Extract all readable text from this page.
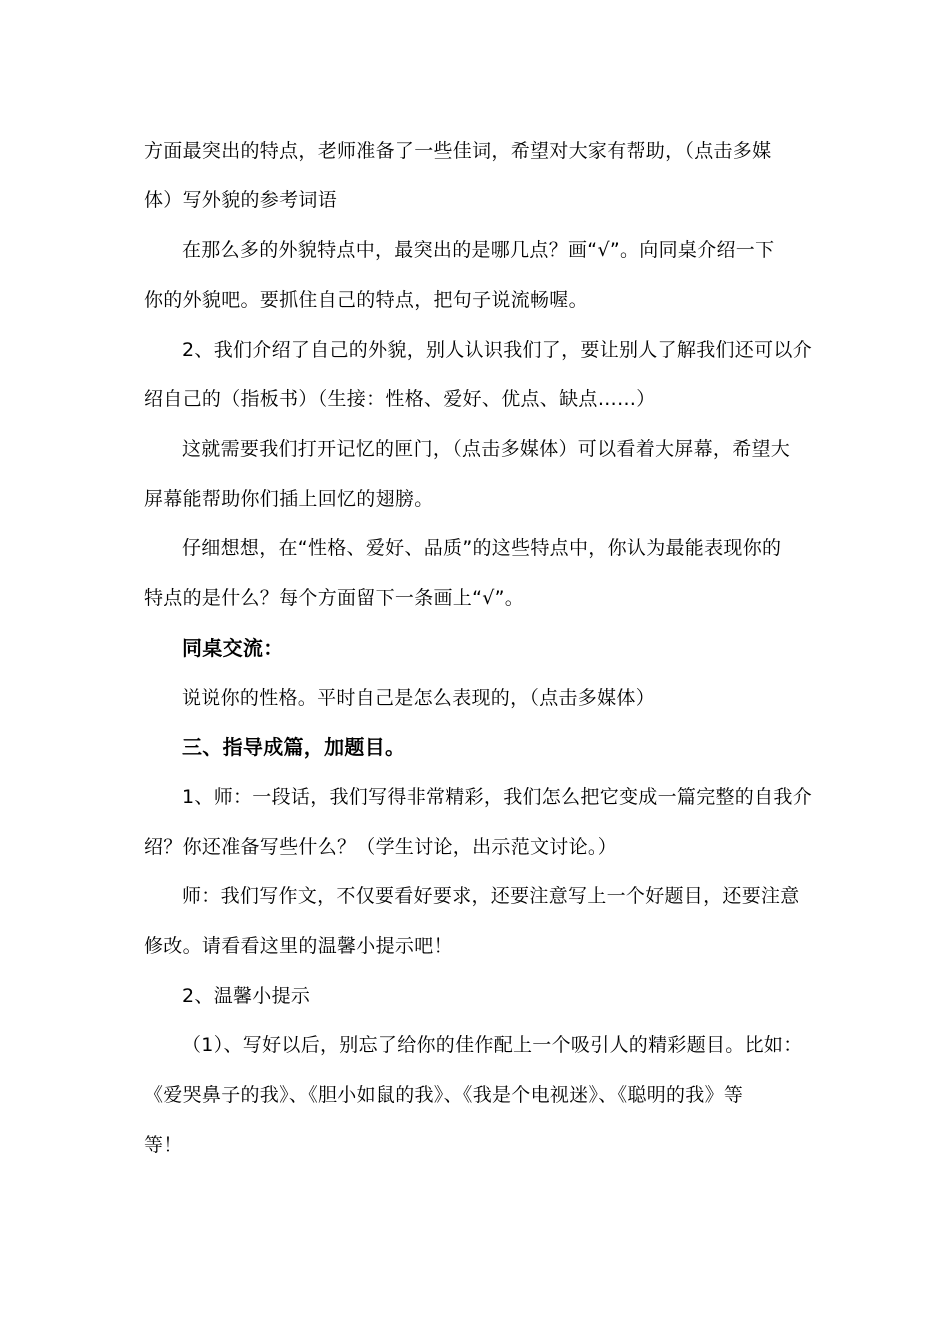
方面最突出的特点，老师准备了一些佳词，希望对大家有帮助，（点击多媒
体）写外貌的参考词语
在那么多的外貌特点中，最突出的是哪几点？画“√”。向同桌介绍一下
你的外貌吧。要抓住自己的特点，把句子说流畅喔。
2、我们介绍了自己的外貌，别人认识我们了，要让别人了解我们还可以介
绍自己的（指板书）（生接：性格、爱好、优点、缺点……）
这就需要我们打开记忆的匣门，（点击多媒体）可以看着大屏幕，希望大
屏幕能帮助你们插上回忆的翅膀。
仔细想想，在“性格、爱好、品质”的这些特点中，你认为最能表现你的
特点的是什么？每个方面留下一条画上“√”。
同桌交流：
说说你的性格。平时自己是怎么表现的，（点击多媒体）
三、指导成篇，加题目。
1、师：一段话，我们写得非常精彩，我们怎么把它变成一篇完整的自我介
绍？你还准备写些什么？（学生讨论，出示范文讨论。）
师：我们写作文，不仅要看好要求，还要注意写上一个好题目，还要注意
修改。请看看这里的温馨小提示吧！
2、温馨小提示
（1）、写好以后，别忘了给你的佳作配上一个吸引人的精彩题目。比如：
《爱哭鼻子的我》、《胆小如鼠的我》、《我是个电视迷》、《聪明的我》等
等！
